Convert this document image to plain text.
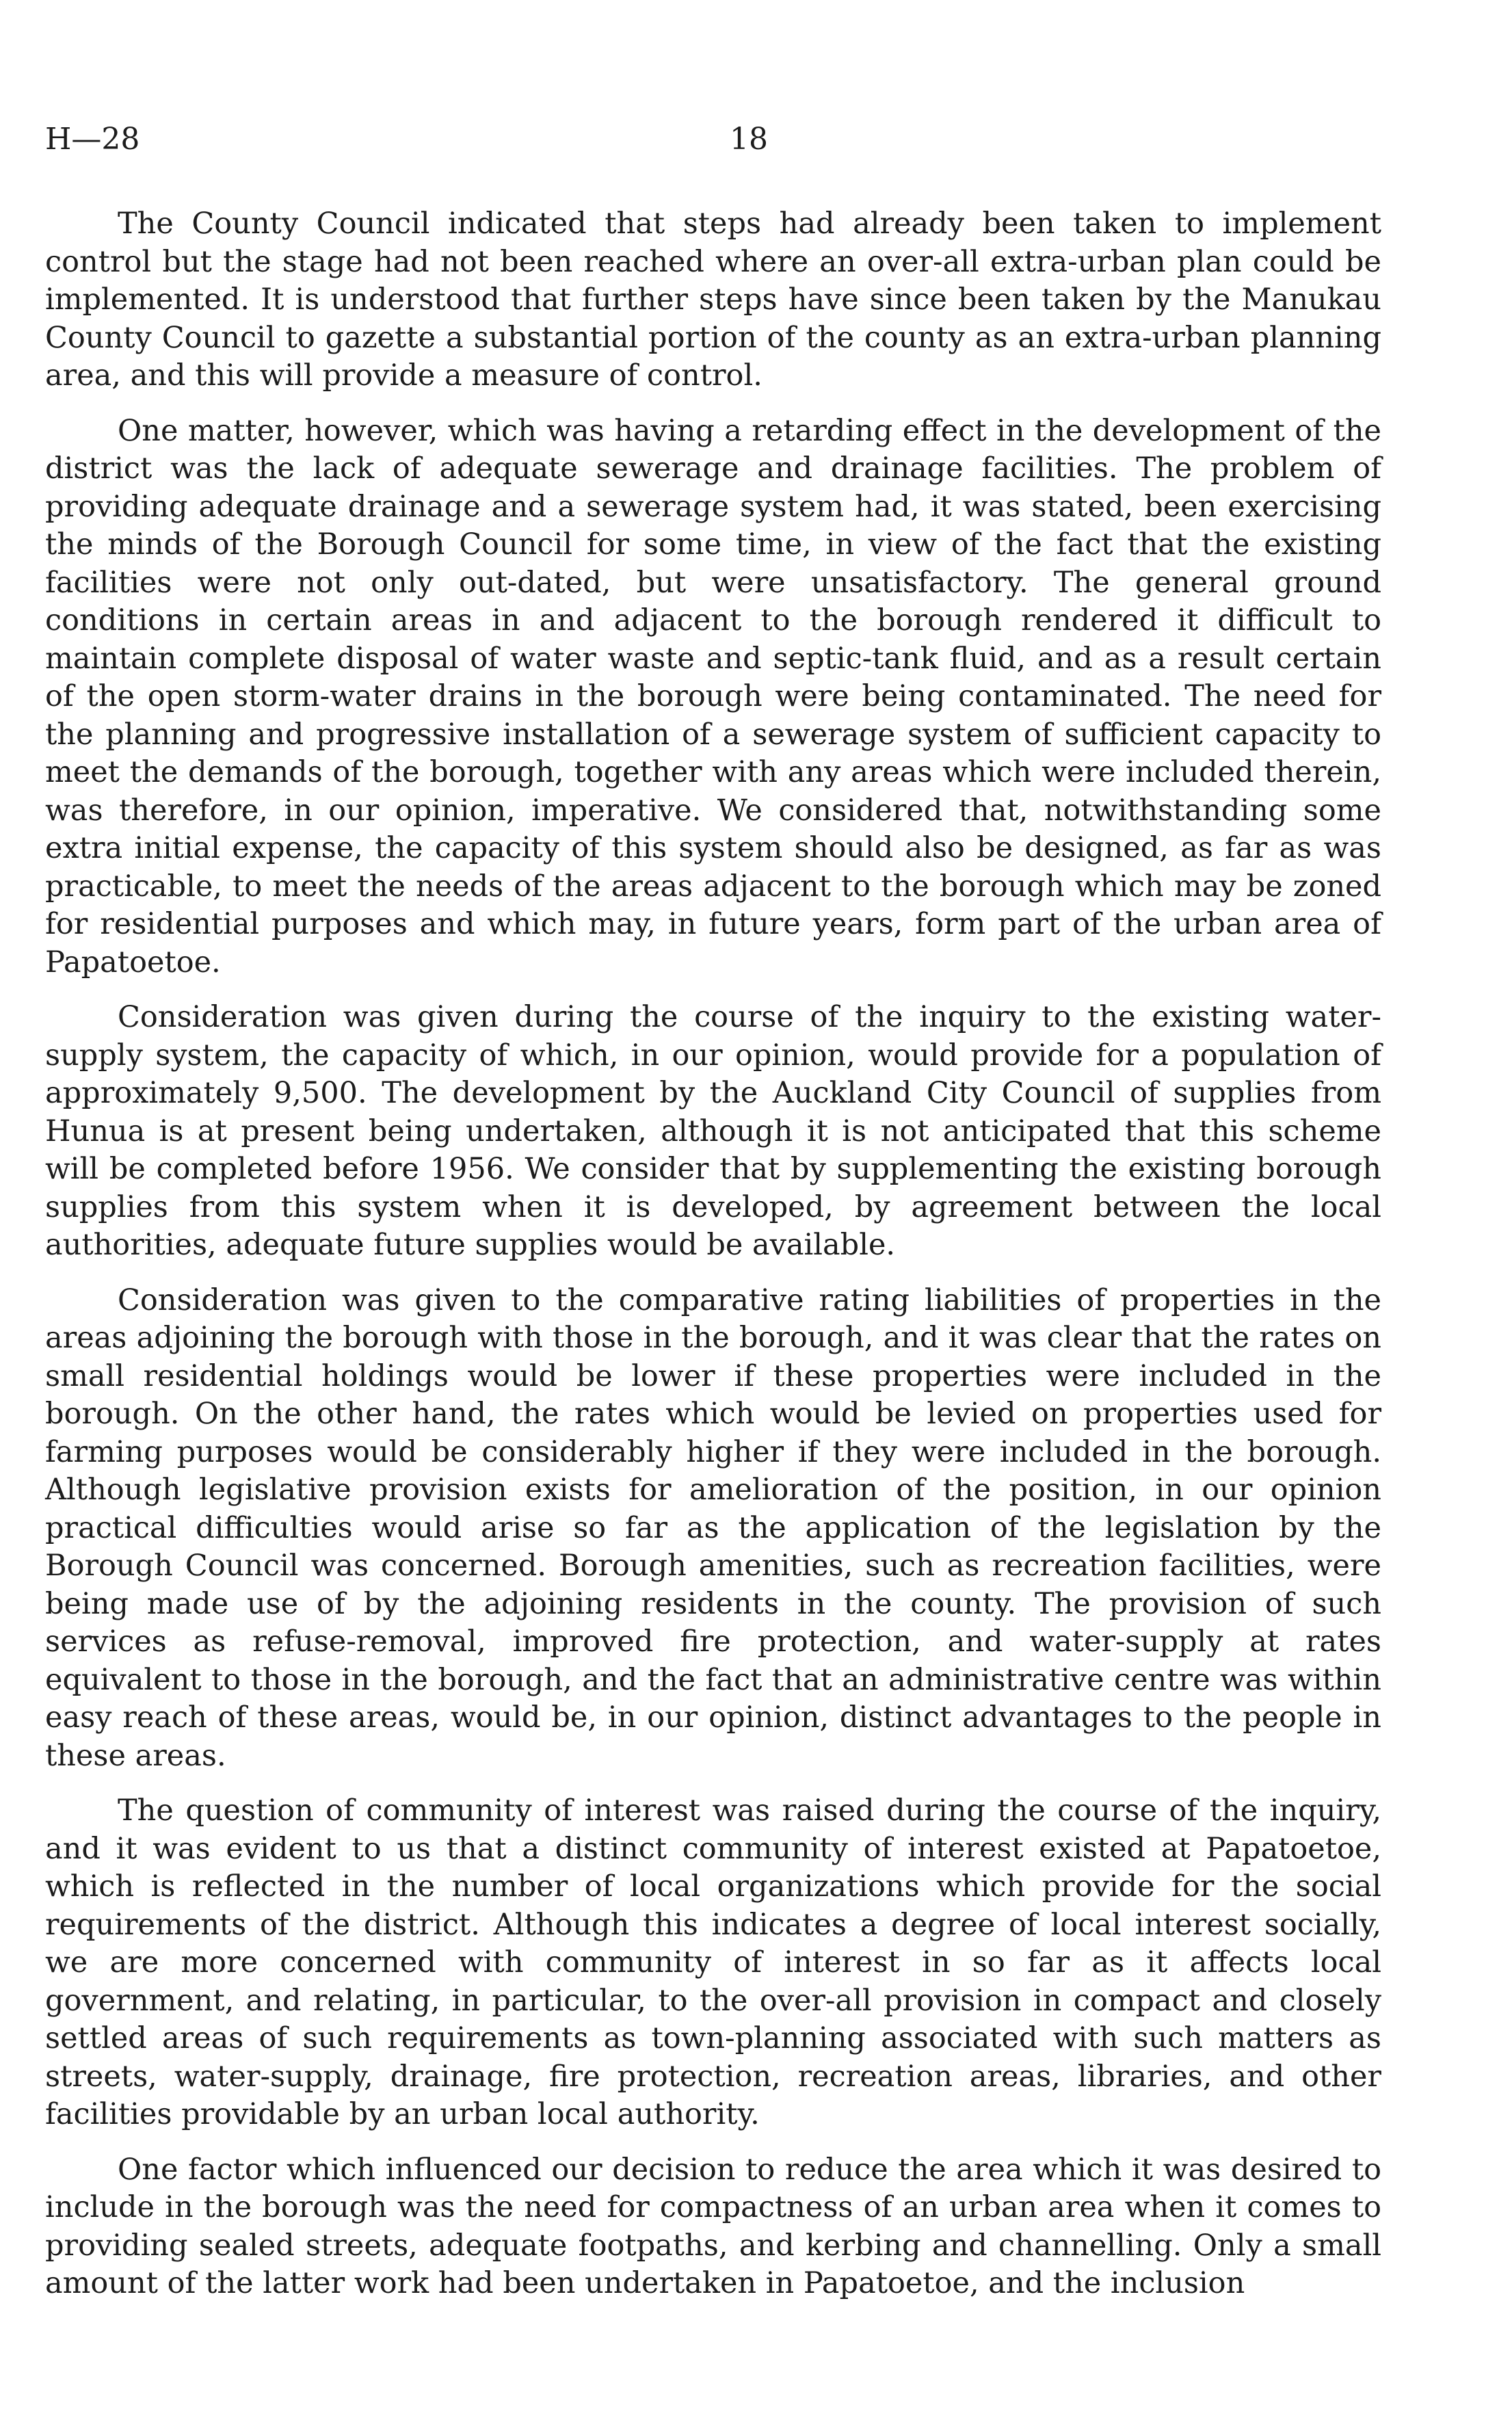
H—28	18

The County Council indicated that steps had already been taken to implement control but the stage had not been reached where an over-all extra-urban plan could be implemented. It is understood that further steps have since been taken by the Manukau County Council to gazette a substantial portion of the county as an extra-urban planning area, and this will provide a measure of control.

One matter, however, which was having a retarding effect in the development of the district was the lack of adequate sewerage and drainage facilities. The problem of providing adequate drainage and a sewerage system had, it was stated, been exercising the minds of the Borough Council for some time, in view of the fact that the existing facilities were not only out-dated, but were unsatisfactory. The general ground conditions in certain areas in and adjacent to the borough rendered it difficult to maintain complete disposal of water waste and septic-tank fluid, and as a result certain of the open storm-water drains in the borough were being contaminated. The need for the planning and progressive installation of a sewerage system of sufficient capacity to meet the demands of the borough, together with any areas which were included therein, was therefore, in our opinion, imperative. We considered that, notwithstanding some extra initial expense, the capacity of this system should also be designed, as far as was practicable, to meet the needs of the areas adjacent to the borough which may be zoned for residential purposes and which may, in future years, form part of the urban area of Papatoetoe.

Consideration was given during the course of the inquiry to the existing water-supply system, the capacity of which, in our opinion, would provide for a population of approximately 9,500. The development by the Auckland City Council of supplies from Hunua is at present being undertaken, although it is not anticipated that this scheme will be completed before 1956. We consider that by supplementing the existing borough supplies from this system when it is developed, by agreement between the local authorities, adequate future supplies would be available.

Consideration was given to the comparative rating liabilities of properties in the areas adjoining the borough with those in the borough, and it was clear that the rates on small residential holdings would be lower if these properties were included in the borough. On the other hand, the rates which would be levied on properties used for farming purposes would be considerably higher if they were included in the borough. Although legislative provision exists for amelioration of the position, in our opinion practical difficulties would arise so far as the application of the legislation by the Borough Council was concerned. Borough amenities, such as recreation facilities, were being made use of by the adjoining residents in the county. The provision of such services as refuse-removal, improved fire protection, and water-supply at rates equivalent to those in the borough, and the fact that an administrative centre was within easy reach of these areas, would be, in our opinion, distinct advantages to the people in these areas.

The question of community of interest was raised during the course of the inquiry, and it was evident to us that a distinct community of interest existed at Papatoetoe, which is reflected in the number of local organizations which provide for the social requirements of the district. Although this indicates a degree of local interest socially, we are more concerned with community of interest in so far as it affects local government, and relating, in particular, to the over-all provision in compact and closely settled areas of such requirements as town-planning associated with such matters as streets, water-supply, drainage, fire protection, recreation areas, libraries, and other facilities providable by an urban local authority.

One factor which influenced our decision to reduce the area which it was desired to include in the borough was the need for compactness of an urban area when it comes to providing sealed streets, adequate footpaths, and kerbing and channelling. Only a small amount of the latter work had been undertaken in Papatoetoe, and the inclusion
